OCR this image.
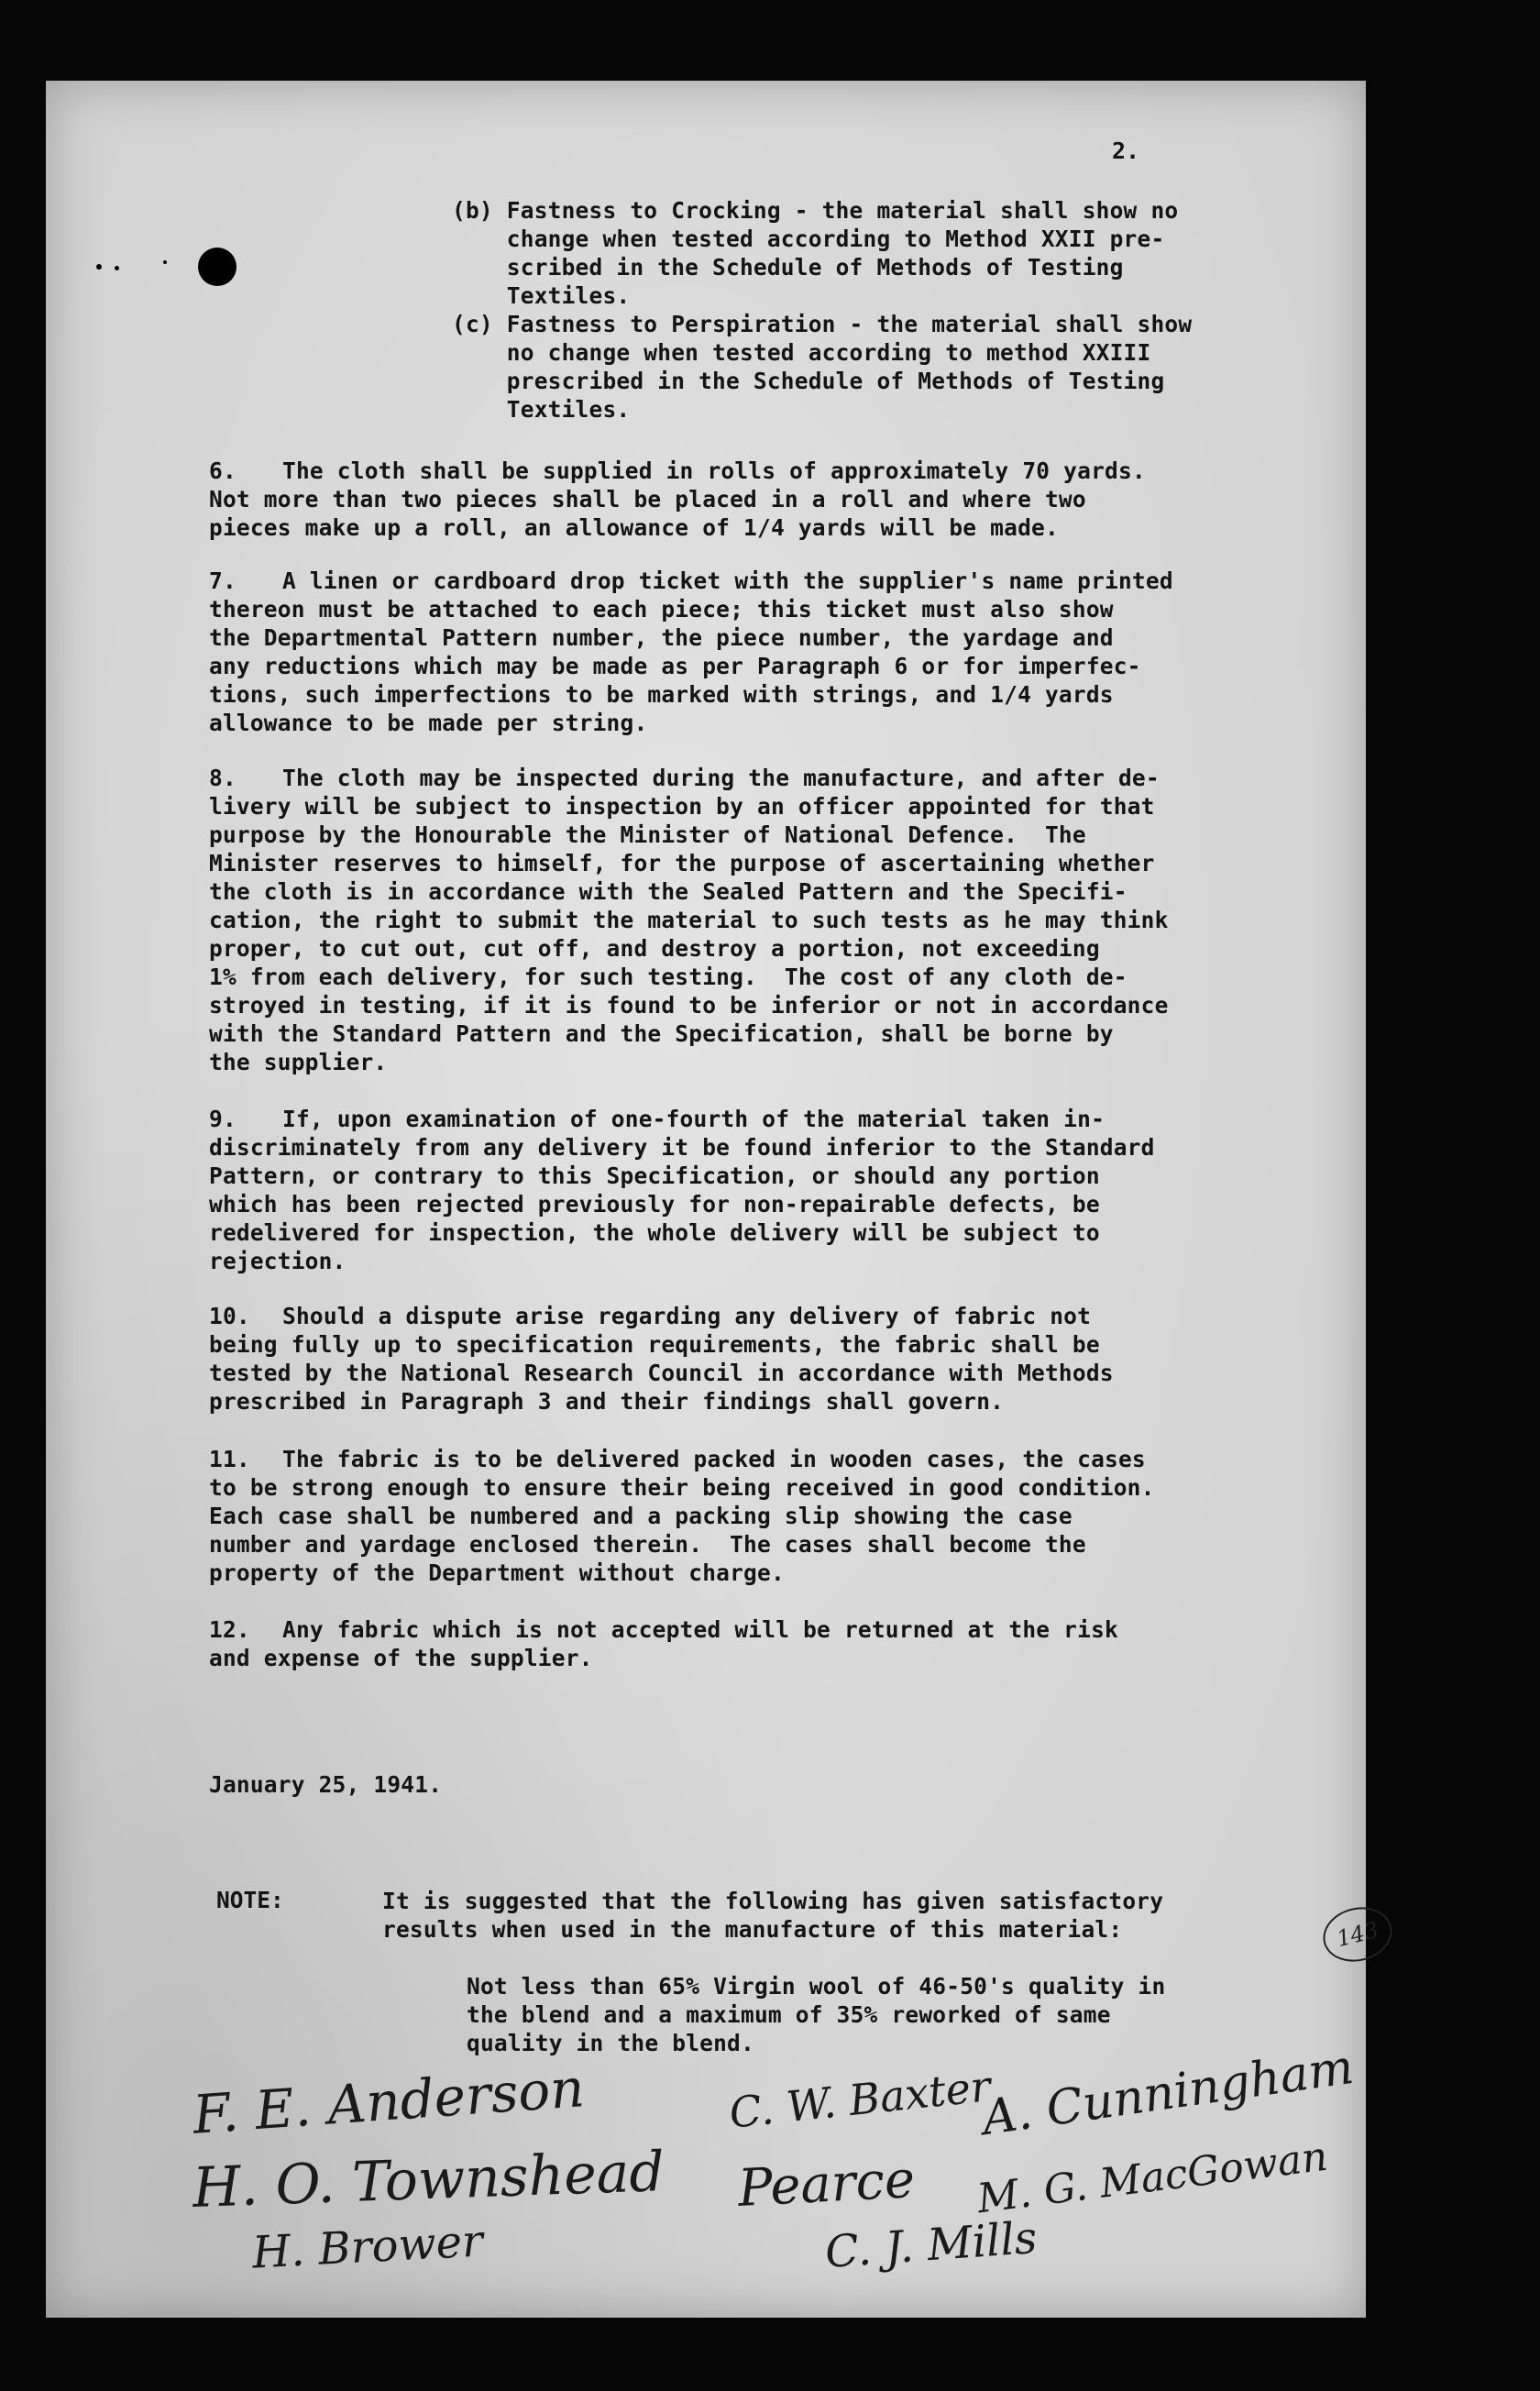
2.

(b) Fastness to Crocking - the material shall show no

change when tested according to Method XXII pre-

scribed in the Schedule of Methods of Testing

Textiles.

(c) Fastness to Perspiration - the material shall show

no change when tested according to method XXIII

prescribed in the Schedule of Methods of Testing

Textiles.

6. The cloth shall be supplied in rolls of approximately 70 yards.

Not more than two pieces shall be placed in a roll and where two

pieces make up a roll, an allowance of 1/4 yards will be made.

7. A linen or cardboard drop ticket with the supplier's name printed

thereon must be attached to each piece; this ticket must also show

the Departmental Pattern number, the piece number, the yardage and

any reductions which may be made as per Paragraph 6 or for imperfec-

tions, such imperfections to be marked with strings, and 1/4 yards

allowance to be made per string.

8. The cloth may be inspected during the manufacture, and after de-

livery will be subject to inspection by an officer appointed for that

purpose by the Honourable the Minister of National Defence.  The

Minister reserves to himself, for the purpose of ascertaining whether

the cloth is in accordance with the Sealed Pattern and the Specifi-

cation, the right to submit the material to such tests as he may think

proper, to cut out, cut off, and destroy a portion, not exceeding

1% from each delivery, for such testing.  The cost of any cloth de-

stroyed in testing, if it is found to be inferior or not in accordance

with the Standard Pattern and the Specification, shall be borne by

the supplier.

9. If, upon examination of one-fourth of the material taken in-

discriminately from any delivery it be found inferior to the Standard

Pattern, or contrary to this Specification, or should any portion

which has been rejected previously for non-repairable defects, be

redelivered for inspection, the whole delivery will be subject to

rejection.

10. Should a dispute arise regarding any delivery of fabric not

being fully up to specification requirements, the fabric shall be

tested by the National Research Council in accordance with Methods

prescribed in Paragraph 3 and their findings shall govern.

11. The fabric is to be delivered packed in wooden cases, the cases

to be strong enough to ensure their being received in good condition.

Each case shall be numbered and a packing slip showing the case

number and yardage enclosed therein.  The cases shall become the

property of the Department without charge.

12. Any fabric which is not accepted will be returned at the risk

and expense of the supplier.

January 25, 1941.

143
NOTE:	It is suggested that the following has given satisfactory

results when used in the manufacture of this material:

Not less than 65% Virgin wool of 46-50's quality in

the blend and a maximum of 35% reworked of same

quality in the blend.

F. E. Anderson
H. O. Townshead
H. Brower
C. W. Baxter
A. Cunningham
Pearce M. G. MacGowan
C. J. Mills
